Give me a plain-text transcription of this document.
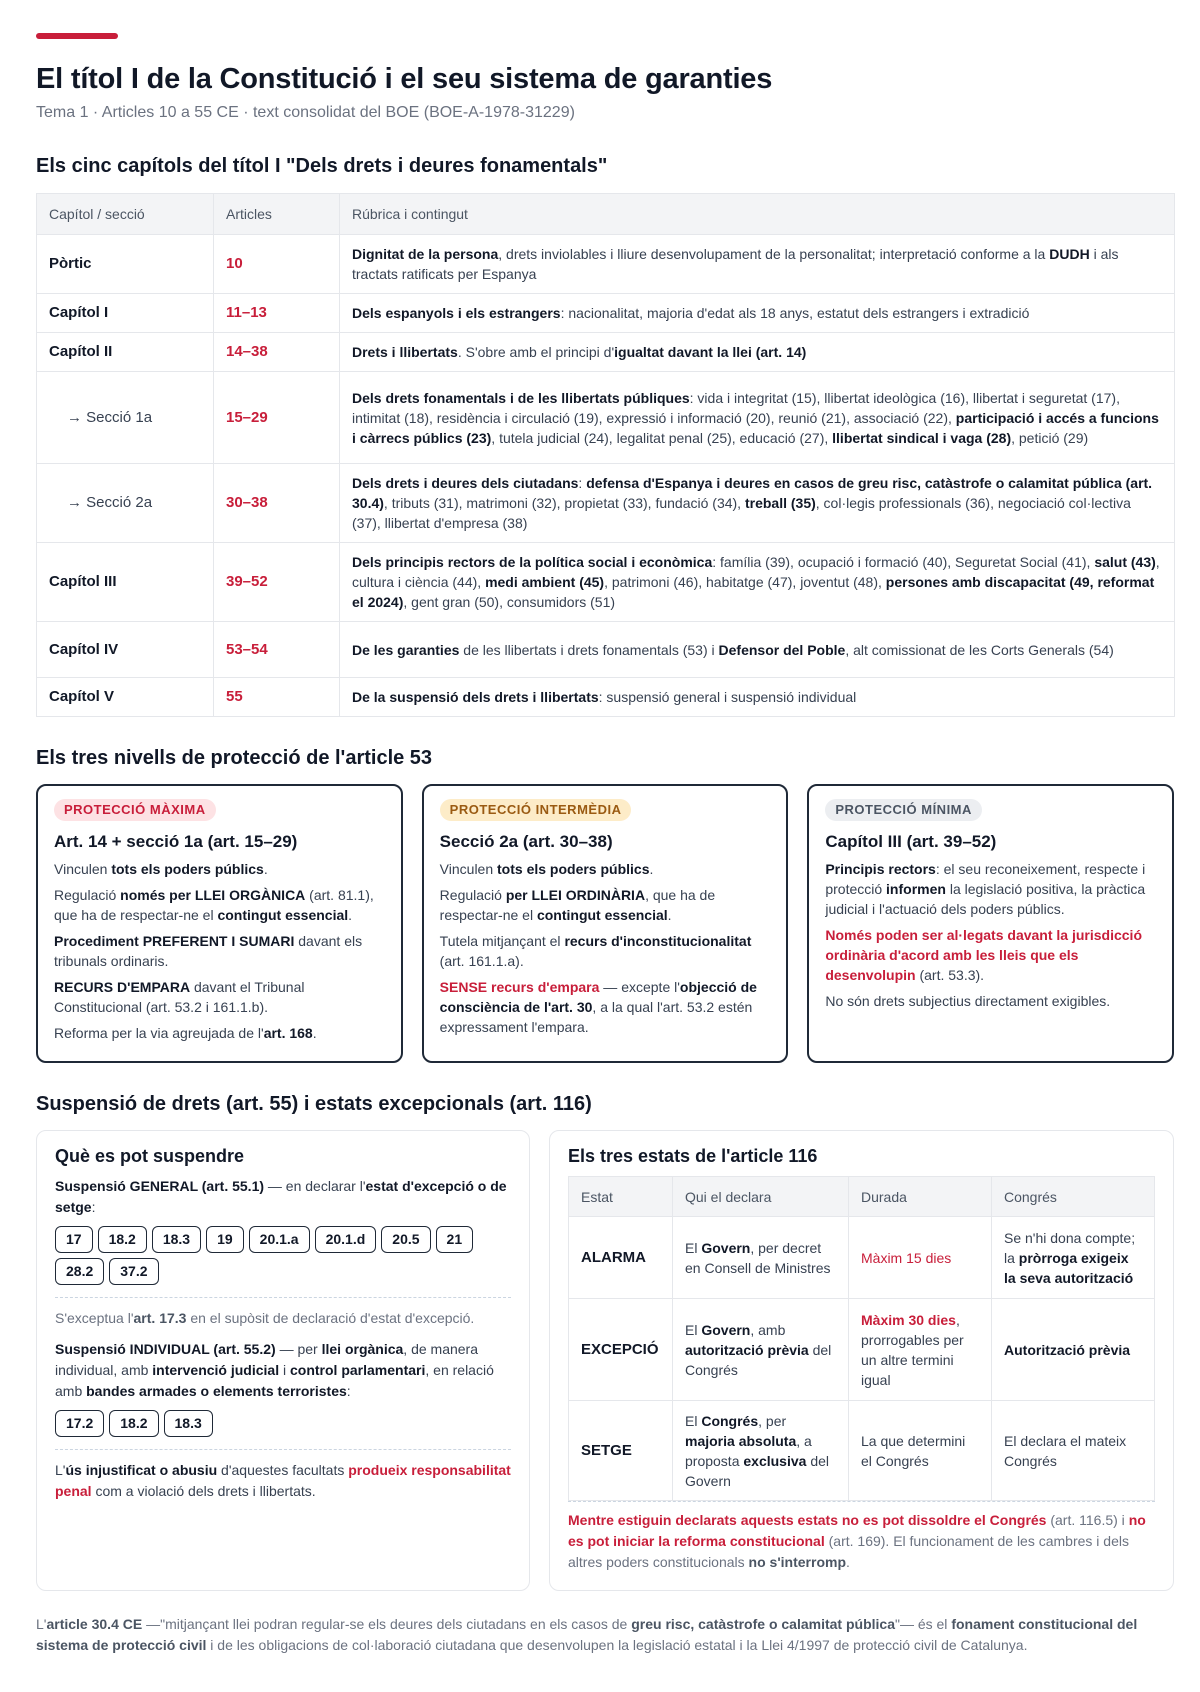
El títol I de la Constitució i el seu sistema de garanties
Tema 1 · Articles 10 a 55 CE · text consolidat del BOE (BOE-A-1978-31229)
Els cinc capítols del títol I "Dels drets i deures fonamentals"
Capítol / secció	Articles	Rúbrica i contingut
Pòrtic	10	Dignitat de la persona, drets inviolables i lliure desenvolupament de la personalitat; interpretació conforme a la DUDH i als tractats ratificats per Espanya
Capítol I	11–13	Dels espanyols i els estrangers: nacionalitat, majoria d'edat als 18 anys, estatut dels estrangers i extradició
Capítol II	14–38	Drets i llibertats. S'obre amb el principi d'igualtat davant la llei (art. 14)
→ Secció 1a	15–29	Dels drets fonamentals i de les llibertats públiques: vida i integritat (15), llibertat ideològica (16), llibertat i seguretat (17), intimitat (18), residència i circulació (19), expressió i informació (20), reunió (21), associació (22), participació i accés a funcions i càrrecs públics (23), tutela judicial (24), legalitat penal (25), educació (27), llibertat sindical i vaga (28), petició (29)
→ Secció 2a	30–38	Dels drets i deures dels ciutadans: defensa d'Espanya i deures en casos de greu risc, catàstrofe o calamitat pública (art. 30.4), tributs (31), matrimoni (32), propietat (33), fundació (34), treball (35), col·legis professionals (36), negociació col·lectiva (37), llibertat d'empresa (38)
Capítol III	39–52	Dels principis rectors de la política social i econòmica: família (39), ocupació i formació (40), Seguretat Social (41), salut (43), cultura i ciència (44), medi ambient (45), patrimoni (46), habitatge (47), joventut (48), persones amb discapacitat (49, reformat el 2024), gent gran (50), consumidors (51)
Capítol IV	53–54	De les garanties de les llibertats i drets fonamentals (53) i Defensor del Poble, alt comissionat de les Corts Generals (54)
Capítol V	55	De la suspensió dels drets i llibertats: suspensió general i suspensió individual
Els tres nivells de protecció de l'article 53
PROTECCIÓ MÀXIMA
Art. 14 + secció 1a (art. 15–29)

Vinculen tots els poders públics.

Regulació només per LLEI ORGÀNICA (art. 81.1), que ha de respectar-ne el contingut essencial.

Procediment PREFERENT I SUMARI davant els tribunals ordinaris.

RECURS D'EMPARA davant el Tribunal Constitucional (art. 53.2 i 161.1.b).

Reforma per la via agreujada de l'art. 168.

PROTECCIÓ INTERMÈDIA
Secció 2a (art. 30–38)

Vinculen tots els poders públics.

Regulació per LLEI ORDINÀRIA, que ha de respectar-ne el contingut essencial.

Tutela mitjançant el recurs d'inconstitucionalitat (art. 161.1.a).

SENSE recurs d'empara — excepte l'objecció de consciència de l'art. 30, a la qual l'art. 53.2 estén expressament l'empara.

PROTECCIÓ MÍNIMA
Capítol III (art. 39–52)

Principis rectors: el seu reconeixement, respecte i protecció informen la legislació positiva, la pràctica judicial i l'actuació dels poders públics.

Només poden ser al·legats davant la jurisdicció ordinària d'acord amb les lleis que els desenvolupin (art. 53.3).

No són drets subjectius directament exigibles.

Suspensió de drets (art. 55) i estats excepcionals (art. 116)
Què es pot suspendre

Suspensió GENERAL (art. 55.1) — en declarar l'estat d'excepció o de setge:

17	18.2	18.3	19	20.1.a	20.1.d	20.5	21
28.2	37.2

S'exceptua l'art. 17.3 en el supòsit de declaració d'estat d'excepció.

Suspensió INDIVIDUAL (art. 55.2) — per llei orgànica, de manera individual, amb intervenció judicial i control parlamentari, en relació amb bandes armades o elements terroristes:

17.2	18.2	18.3

L'ús injustificat o abusiu d'aquestes facultats produeix responsabilitat penal com a violació dels drets i llibertats.

Els tres estats de l'article 116
Estat	Qui el declara	Durada	Congrés
ALARMA	El Govern, per decret en Consell de Ministres	Màxim 15 dies	Se n'hi dona compte; la pròrroga exigeix la seva autorització
EXCEPCIÓ	El Govern, amb autorització prèvia del Congrés	Màxim 30 dies, prorrogables per un altre termini igual	Autorització prèvia
SETGE	El Congrés, per majoria absoluta, a proposta exclusiva del Govern	La que determini el Congrés	El declara el mateix Congrés

Mentre estiguin declarats aquests estats no es pot dissoldre el Congrés (art. 116.5) i no es pot iniciar la reforma constitucional (art. 169). El funcionament de les cambres i dels altres poders constitucionals no s'interromp.

L'article 30.4 CE —"mitjançant llei podran regular-se els deures dels ciutadans en els casos de greu risc, catàstrofe o calamitat pública"— és el fonament constitucional del sistema de protecció civil i de les obligacions de col·laboració ciutadana que desenvolupen la legislació estatal i la Llei 4/1997 de protecció civil de Catalunya.
